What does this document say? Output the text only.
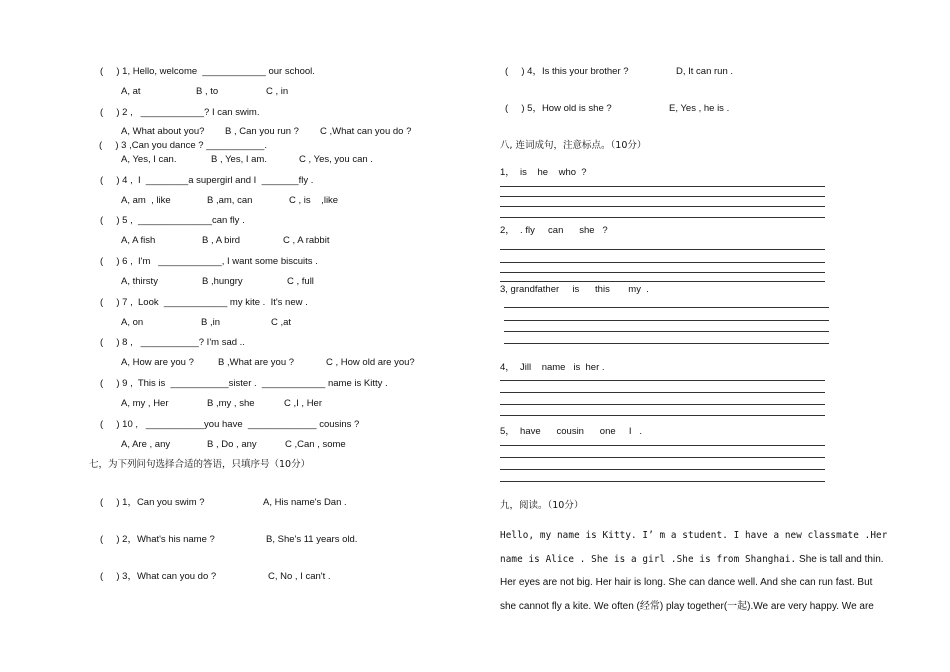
(     ) 1, Hello, welcome  ____________ our school.
A, at	B , to	C , in
(     ) 2 ,   ____________? I can swim.
A, What about you? B , Can you run ? C ,What can you do ?
(     ) 3 ,Can you dance ? ___________.
A, Yes, I can.	B , Yes, I am.	C , Yes, you can .
(     ) 4 ,  I  ________a supergirl and I  _______fly .
A, am  , like	B ,am, can	C , is    ,like
(     ) 5 ,  ______________can fly .
A, A fish	B , A bird	C , A rabbit
(     ) 6 ,  I'm   ____________, I want some biscuits .
A, thirsty	B ,hungry	C , full
(     ) 7 ,  Look  ____________ my kite .  It's new .
A, on	B ,in	C ,at
(     ) 8 ,   ___________? I'm sad ..
A, How are you ?	B ,What are you ?	C , How old are you?
(     ) 9 ,  This is  ___________sister .  ____________ name is Kitty .
A, my , Her	B ,my , she	C ,I , Her
(     ) 10 ,   ___________you have  _____________ cousins ?
A, Are , any	B , Do , any	C ,Can , some
七，为下列问句选择合适的答语，只填序号（10分）
(     ) 1，Can you swim ?	A, His name's Dan .
(     ) 2，What's his name ?	B, She's 11 years old.
(     ) 3，What can you do ?	C, No , I can't .
(     ) 4，Is this your brother ?	D, It can run .
(     ) 5，How old is she ?	E, Yes , he is .
八, 连词成句，注意标点。（10分）
1，  is    he    who  ?
2，  . fly     can      she   ?
3, grandfather     is      this       my  .
4，  Jill    name   is  her .
5，  have      cousin      one     I   .
九，阅读。（10分）
Hello, my name is Kitty. I’ m a student. I have a new classmate .Her name is Alice . She is a girl .She is from Shanghai. She is tall and thin. Her eyes are not big. Her hair is long. She can dance well. And she can run fast. But she cannot fly a kite. We often (经常) play together(一起).We are very happy. We are
